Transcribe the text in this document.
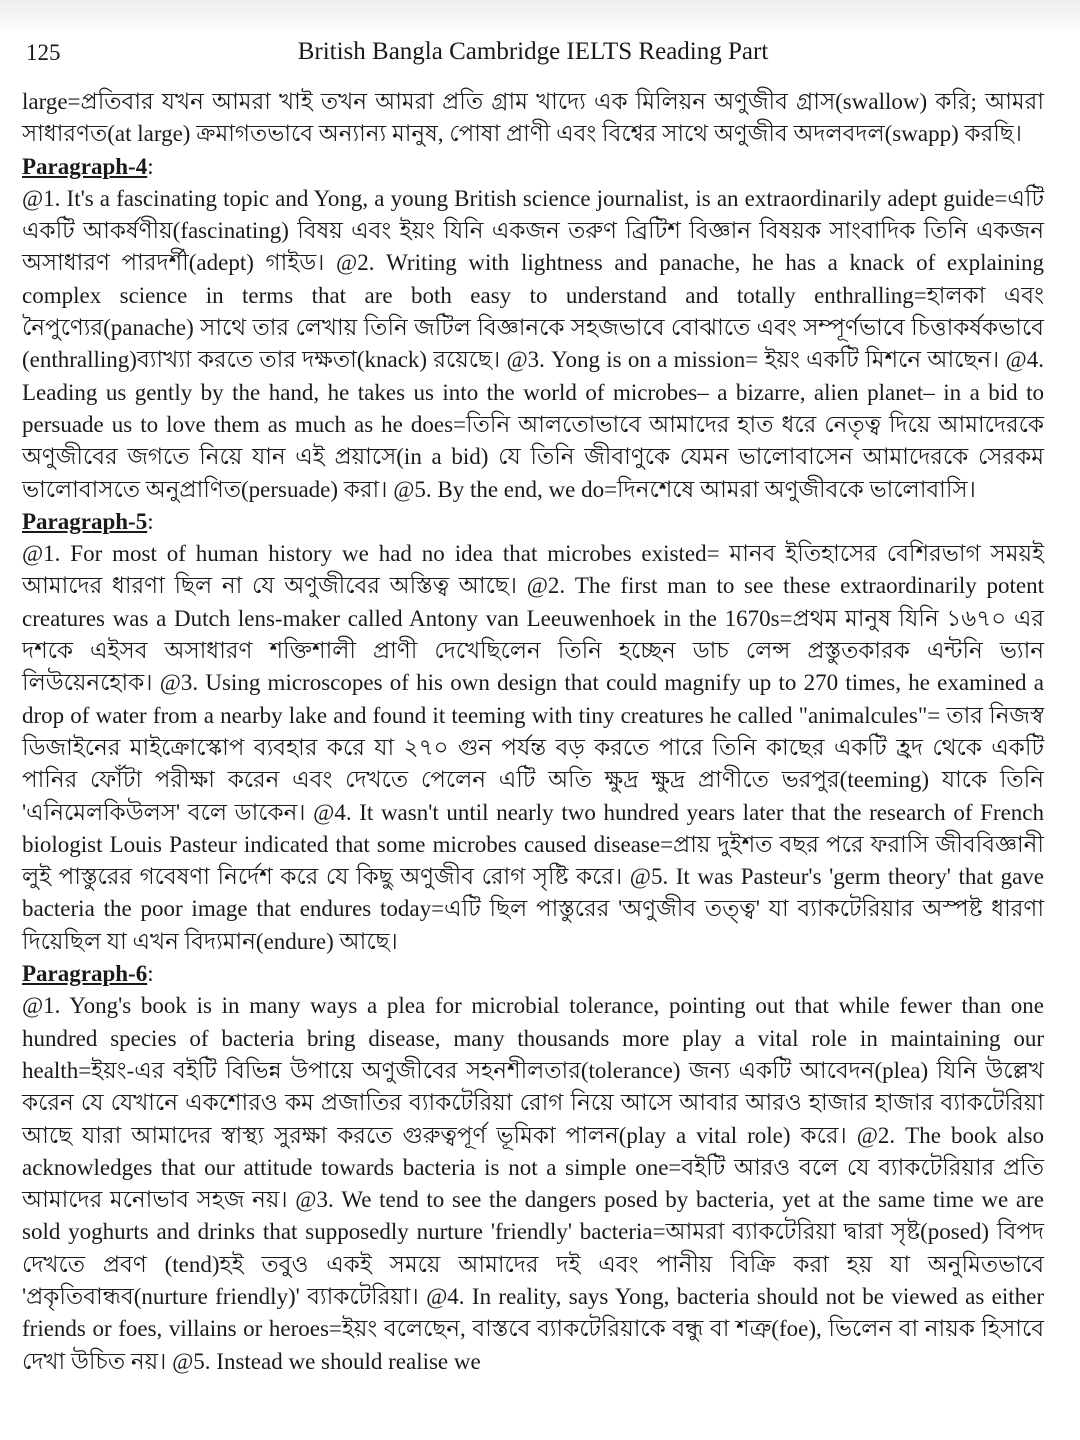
125	British Bangla Cambridge IELTS Reading Part

large=প্রতিবার যখন আমরা খাই তখন আমরা প্রতি গ্রাম খাদ্যে এক মিলিয়ন অণুজীব গ্রাস(swallow) করি; আমরা সাধারণত(at large) ক্রমাগতভাবে অন্যান্য মানুষ, পোষা প্রাণী এবং বিশ্বের সাথে অণুজীব অদলবদল(swapp) করছি।

Paragraph-4:

@1. It's a fascinating topic and Yong, a young British science journalist, is an extraordinarily adept guide=এটি একটি আকর্ষণীয়(fascinating) বিষয় এবং ইয়ং যিনি একজন তরুণ ব্রিটিশ বিজ্ঞান বিষয়ক সাংবাদিক তিনি একজন অসাধারণ পারদর্শী(adept) গাইড। @2. Writing with lightness and panache, he has a knack of explaining complex science in terms that are both easy to understand and totally enthralling=হালকা এবং নৈপুণ্যের(panache) সাথে তার লেখায় তিনি জটিল বিজ্ঞানকে সহজভাবে বোঝাতে এবং সম্পূর্ণভাবে চিত্তাকর্ষকভাবে (enthralling)ব্যাখ্যা করতে তার দক্ষতা(knack) রয়েছে। @3. Yong is on a mission= ইয়ং একটি মিশনে আছেন। @4. Leading us gently by the hand, he takes us into the world of microbes– a bizarre, alien planet– in a bid to persuade us to love them as much as he does=তিনি আলতোভাবে আমাদের হাত ধরে নেতৃত্ব দিয়ে আমাদেরকে অণুজীবের জগতে নিয়ে যান এই প্রয়াসে(in a bid) যে তিনি জীবাণুকে যেমন ভালোবাসেন আমাদেরকে সেরকম ভালোবাসতে অনুপ্রাণিত(persuade) করা। @5. By the end, we do=দিনশেষে আমরা অণুজীবকে ভালোবাসি।

Paragraph-5:

@1. For most of human history we had no idea that microbes existed= মানব ইতিহাসের বেশিরভাগ সময়ই আমাদের ধারণা ছিল না যে অণুজীবের অস্তিত্ব আছে। @2. The first man to see these extraordinarily potent creatures was a Dutch lens-maker called Antony van Leeuwenhoek in the 1670s=প্রথম মানুষ যিনি ১৬৭০ এর দশকে এইসব অসাধারণ শক্তিশালী প্রাণী দেখেছিলেন তিনি হচ্ছেন ডাচ লেন্স প্রস্তুতকারক এন্টনি ভ্যান লিউয়েনহোক। @3. Using microscopes of his own design that could magnify up to 270 times, he examined a drop of water from a nearby lake and found it teeming with tiny creatures he called "animalcules"= তার নিজস্ব ডিজাইনের মাইক্রোস্কোপ ব্যবহার করে যা ২৭০ গুন পর্যন্ত বড় করতে পারে তিনি কাছের একটি হ্রদ থেকে একটি পানির ফোঁটা পরীক্ষা করেন এবং দেখতে পেলেন এটি অতি ক্ষুদ্র ক্ষুদ্র প্রাণীতে ভরপুর(teeming) যাকে তিনি 'এনিমেলকিউলস' বলে ডাকেন। @4. It wasn't until nearly two hundred years later that the research of French biologist Louis Pasteur indicated that some microbes caused disease=প্রায় দুইশত বছর পরে ফরাসি জীববিজ্ঞানী লুই পাস্তুরের গবেষণা নির্দেশ করে যে কিছু অণুজীব রোগ সৃষ্টি করে। @5. It was Pasteur's 'germ theory' that gave bacteria the poor image that endures today=এটি ছিল পাস্তুরের 'অণুজীব তত্ত্ব' যা ব্যাকটেরিয়ার অস্পষ্ট ধারণা দিয়েছিল যা এখন বিদ্যমান(endure) আছে।

Paragraph-6:

@1. Yong's book is in many ways a plea for microbial tolerance, pointing out that while fewer than one hundred species of bacteria bring disease, many thousands more play a vital role in maintaining our health=ইয়ং-এর বইটি বিভিন্ন উপায়ে অণুজীবের সহনশীলতার(tolerance) জন্য একটি আবেদন(plea) যিনি উল্লেখ করেন যে যেখানে একশোরও কম প্রজাতির ব্যাকটেরিয়া রোগ নিয়ে আসে আবার আরও হাজার হাজার ব্যাকটেরিয়া আছে যারা আমাদের স্বাস্থ্য সুরক্ষা করতে গুরুত্বপূর্ণ ভূমিকা পালন(play a vital role) করে। @2. The book also acknowledges that our attitude towards bacteria is not a simple one=বইটি আরও বলে যে ব্যাকটেরিয়ার প্রতি আমাদের মনোভাব সহজ নয়। @3. We tend to see the dangers posed by bacteria, yet at the same time we are sold yoghurts and drinks that supposedly nurture 'friendly' bacteria=আমরা ব্যাকটেরিয়া দ্বারা সৃষ্ট(posed) বিপদ দেখতে প্রবণ (tend)হই তবুও একই সময়ে আমাদের দই এবং পানীয় বিক্রি করা হয় যা অনুমিতভাবে 'প্রকৃতিবান্ধব(nurture friendly)' ব্যাকটেরিয়া। @4. In reality, says Yong, bacteria should not be viewed as either friends or foes, villains or heroes=ইয়ং বলেছেন, বাস্তবে ব্যাকটেরিয়াকে বন্ধু বা শত্রু(foe), ভিলেন বা নায়ক হিসাবে দেখা উচিত নয়। @5. Instead we should realise we
